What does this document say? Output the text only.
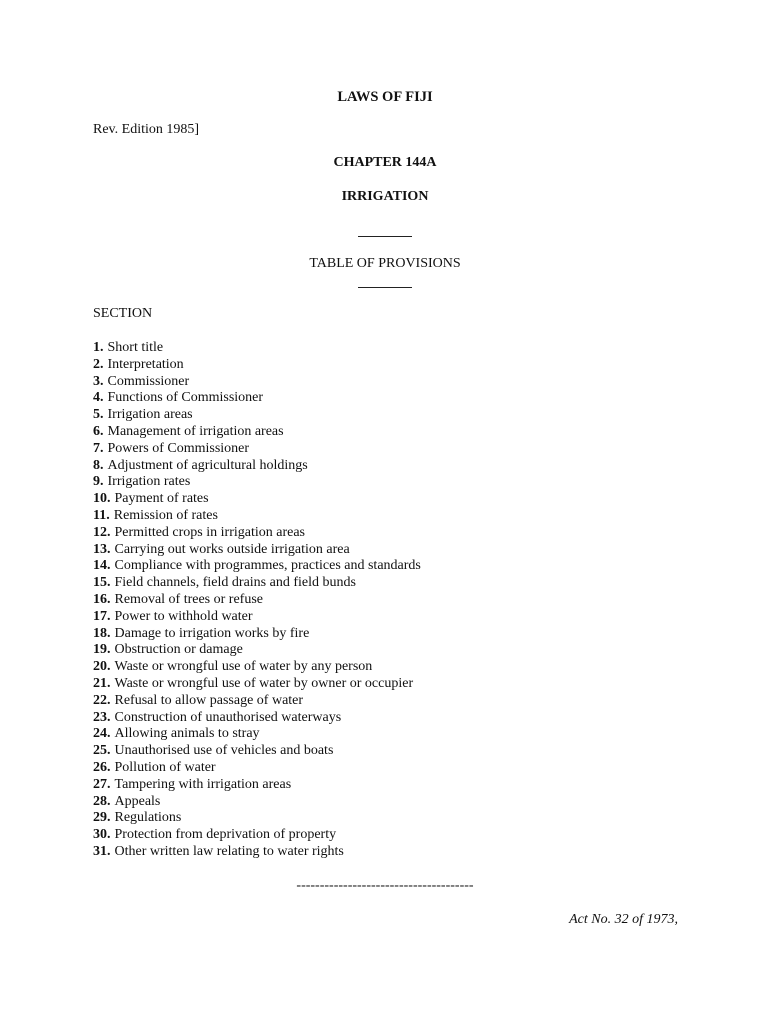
LAWS OF FIJI
Rev. Edition 1985]
CHAPTER 144A
IRRIGATION
TABLE OF PROVISIONS
SECTION
1. Short title
2. Interpretation
3. Commissioner
4. Functions of Commissioner
5. Irrigation areas
6. Management of irrigation areas
7. Powers of Commissioner
8. Adjustment of agricultural holdings
9. Irrigation rates
10. Payment of rates
11. Remission of rates
12. Permitted crops in irrigation areas
13. Carrying out works outside irrigation area
14. Compliance with programmes, practices and standards
15. Field channels, field drains and field bunds
16. Removal of trees or refuse
17. Power to withhold water
18. Damage to irrigation works by fire
19. Obstruction or damage
20. Waste or wrongful use of water by any person
21. Waste or wrongful use of water by owner or occupier
22. Refusal to allow passage of water
23. Construction of unauthorised waterways
24. Allowing animals to stray
25. Unauthorised use of vehicles and boats
26. Pollution of water
27. Tampering with irrigation areas
28. Appeals
29. Regulations
30. Protection from deprivation of property
31. Other written law relating to water rights
--------------------------------------
Act No. 32 of 1973,
